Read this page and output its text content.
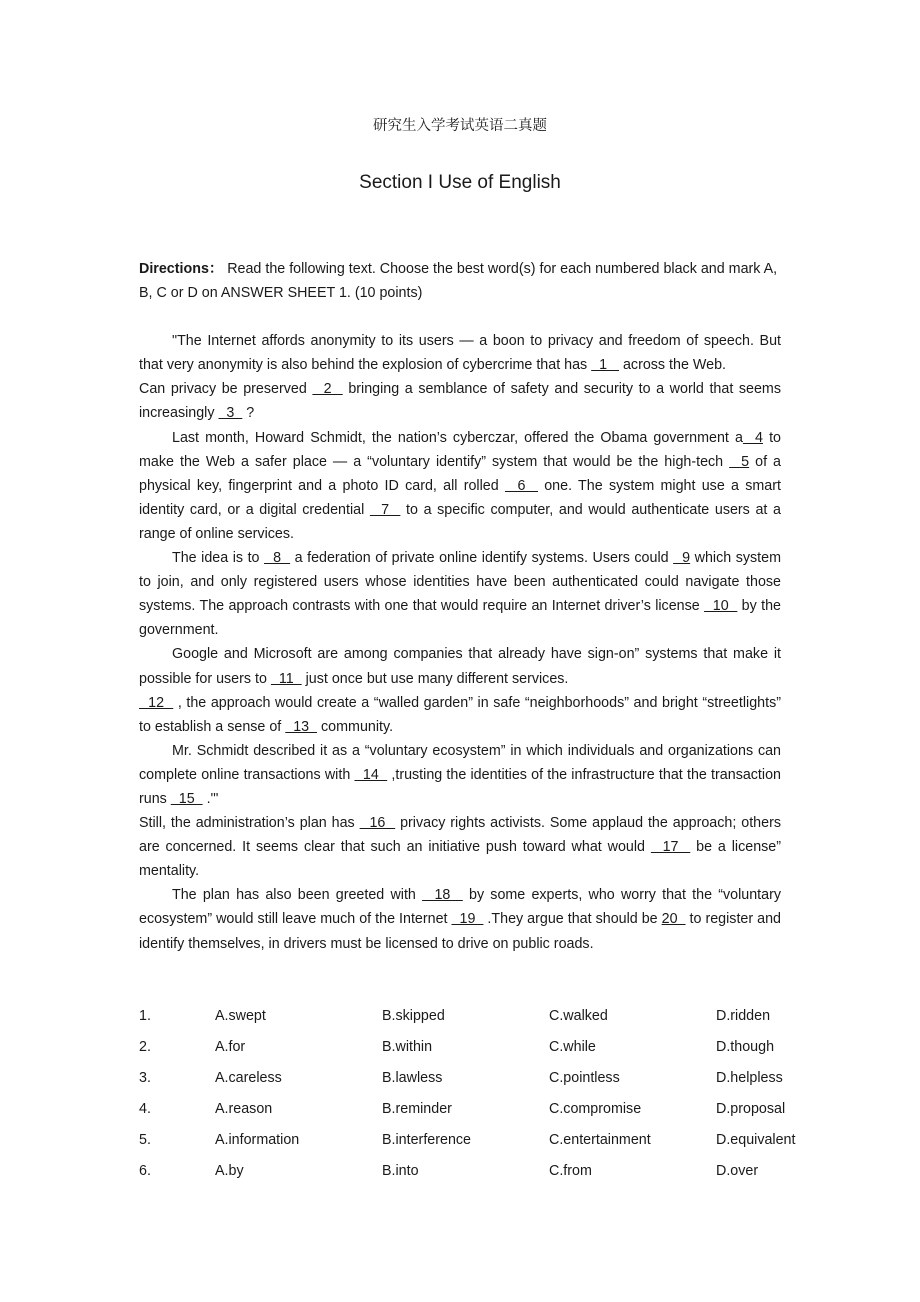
研究生入学考试英语二真题
Section I Use of English

Directions： Read the following text. Choose the best word(s) for each numbered black and mark A, B, C or D on ANSWER SHEET 1. (10 points)

"The Internet affords anonymity to its users — a boon to privacy and freedom of speech. But that very anonymity is also behind the explosion of cybercrime that has   1    across the Web.

Can privacy be preserved   2   bringing a semblance of safety and security to a world that seems increasingly   3   ?

Last month, Howard Schmidt, the nation’s cyberczar, offered the Obama government a  4 to make the Web a safer place — a “voluntary identify” system that would be the high-tech   5 of a physical key, fingerprint and a photo ID card, all rolled   6   one. The system might use a smart identity card, or a digital credential   7   to a specific computer, and would authenticate users at a range of online services.

The idea is to   8   a federation of private online identify systems. Users could   9 which system to join, and only registered users whose identities have been authenticated could navigate those systems. The approach contrasts with one that would require an Internet driver’s license   10   by the government.

Google and Microsoft are among companies that already have sign-on” systems that make it possible for users to   11   just once but use many different services.

12   , the approach would create a “walled garden” in safe “neighborhoods” and bright “streetlights” to establish a sense of   13   community.

Mr. Schmidt described it as a “voluntary ecosystem” in which individuals and organizations can complete online transactions with   14   ,trusting the identities of the infrastructure that the transaction runs   15   .'"

Still, the administration’s plan has   16   privacy rights activists. Some applaud the approach; others are concerned. It seems clear that such an initiative push toward what would   17   be a license” mentality.

The plan has also been greeted with   18   by some experts, who worry that the “voluntary ecosystem” would still leave much of the Internet   19   .They argue that should be 20   to register and identify themselves, in drivers must be licensed to drive on public roads.

1.	A.swept	B.skipped	C.walked	D.ridden
2.	A.for	B.within	C.while	D.though
3.	A.careless	B.lawless	C.pointless	D.helpless
4.	A.reason	B.reminder	C.compromise	D.proposal
5.	A.information	B.interference	C.entertainment	D.equivalent
6.	A.by	B.into	C.from	D.over
